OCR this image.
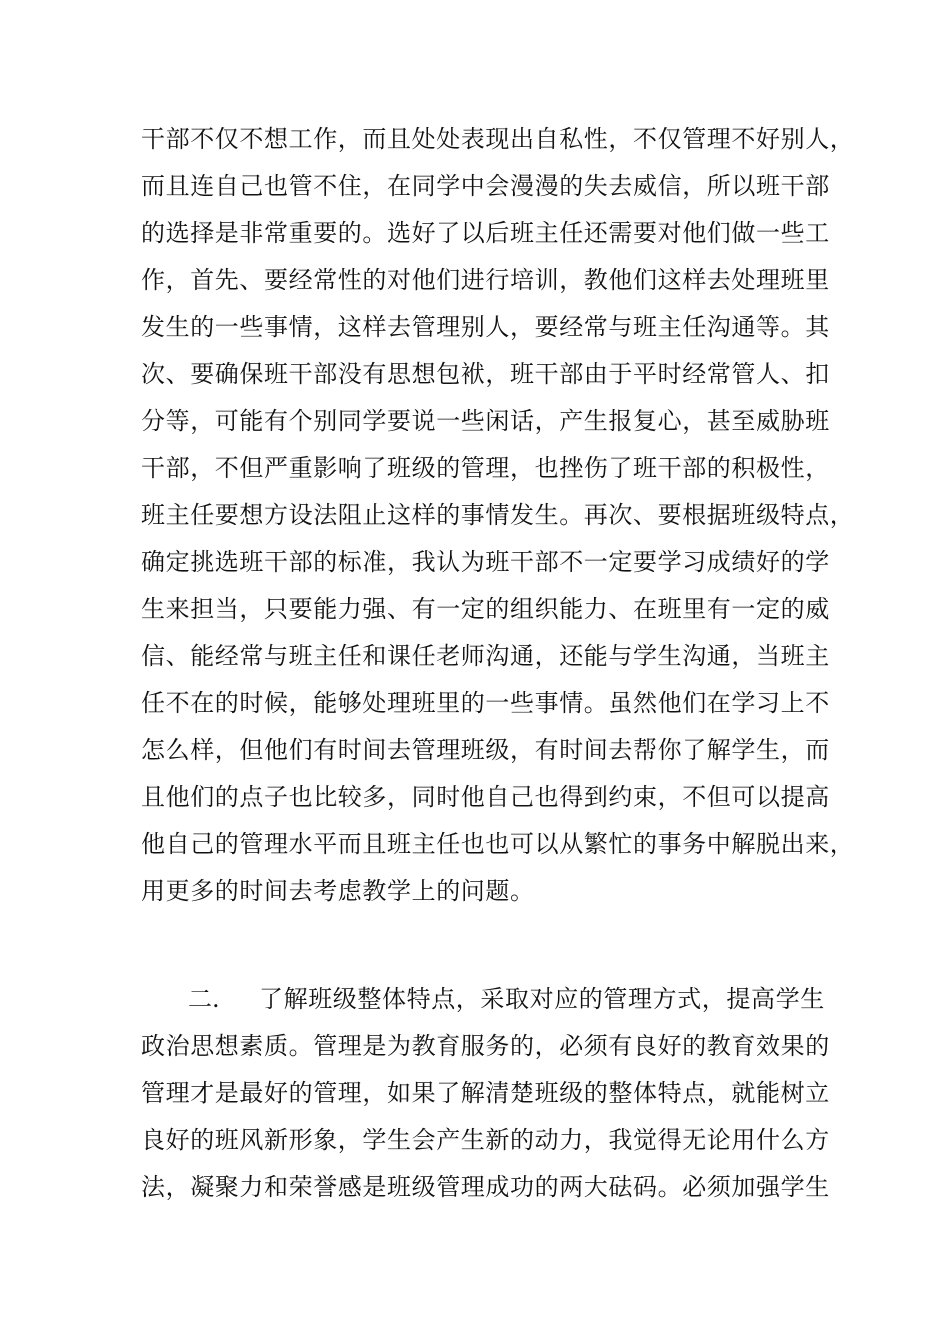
干部不仅不想工作，而且处处表现出自私性，不仅管理不好别人，
而且连自己也管不住，在同学中会漫漫的失去威信，所以班干部
的选择是非常重要的。选好了以后班主任还需要对他们做一些工
作，首先、要经常性的对他们进行培训，教他们这样去处理班里
发生的一些事情，这样去管理别人，要经常与班主任沟通等。其
次、要确保班干部没有思想包袱，班干部由于平时经常管人、扣
分等，可能有个别同学要说一些闲话，产生报复心，甚至威胁班
干部，不但严重影响了班级的管理，也挫伤了班干部的积极性，
班主任要想方设法阻止这样的事情发生。再次、要根据班级特点，
确定挑选班干部的标准，我认为班干部不一定要学习成绩好的学
生来担当，只要能力强、有一定的组织能力、在班里有一定的威
信、能经常与班主任和课任老师沟通，还能与学生沟通，当班主
任不在的时候，能够处理班里的一些事情。虽然他们在学习上不
怎么样，但他们有时间去管理班级，有时间去帮你了解学生，而
且他们的点子也比较多，同时他自己也得到约束，不但可以提高
他自己的管理水平而且班主任也也可以从繁忙的事务中解脱出来，
用更多的时间去考虑教学上的问题。
二. 了解班级整体特点，采取对应的管理方式，提高学生
政治思想素质。管理是为教育服务的，必须有良好的教育效果的
管理才是最好的管理，如果了解清楚班级的整体特点，就能树立
良好的班风新形象，学生会产生新的动力，我觉得无论用什么方
法，凝聚力和荣誉感是班级管理成功的两大砝码。必须加强学生
